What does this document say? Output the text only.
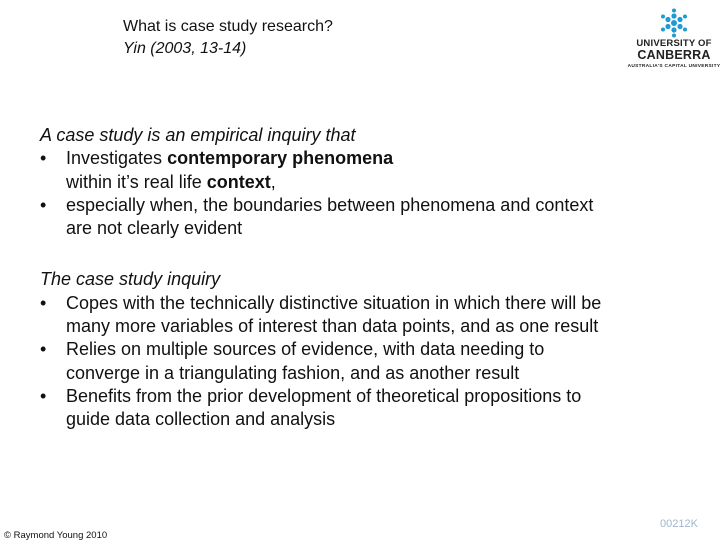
What is case study research?
Yin (2003, 13-14)	UNIVERSITY OF
CANBERRA
AUSTRALIA'S CAPITAL UNIVERSITY

A case study is an empirical inquiry that

• Investigates contemporary phenomena
within it’s real life context,
• especially when, the boundaries between phenomena and context
are not clearly evident

The case study inquiry

• Copes with the technically distinctive situation in which there will be
many more variables of interest than data points, and as one result
• Relies on multiple sources of evidence, with data needing to
converge in a triangulating fashion, and as another result
• Benefits from the prior development of theoretical propositions to
guide data collection and analysis
© Raymond Young 2010
00212K
